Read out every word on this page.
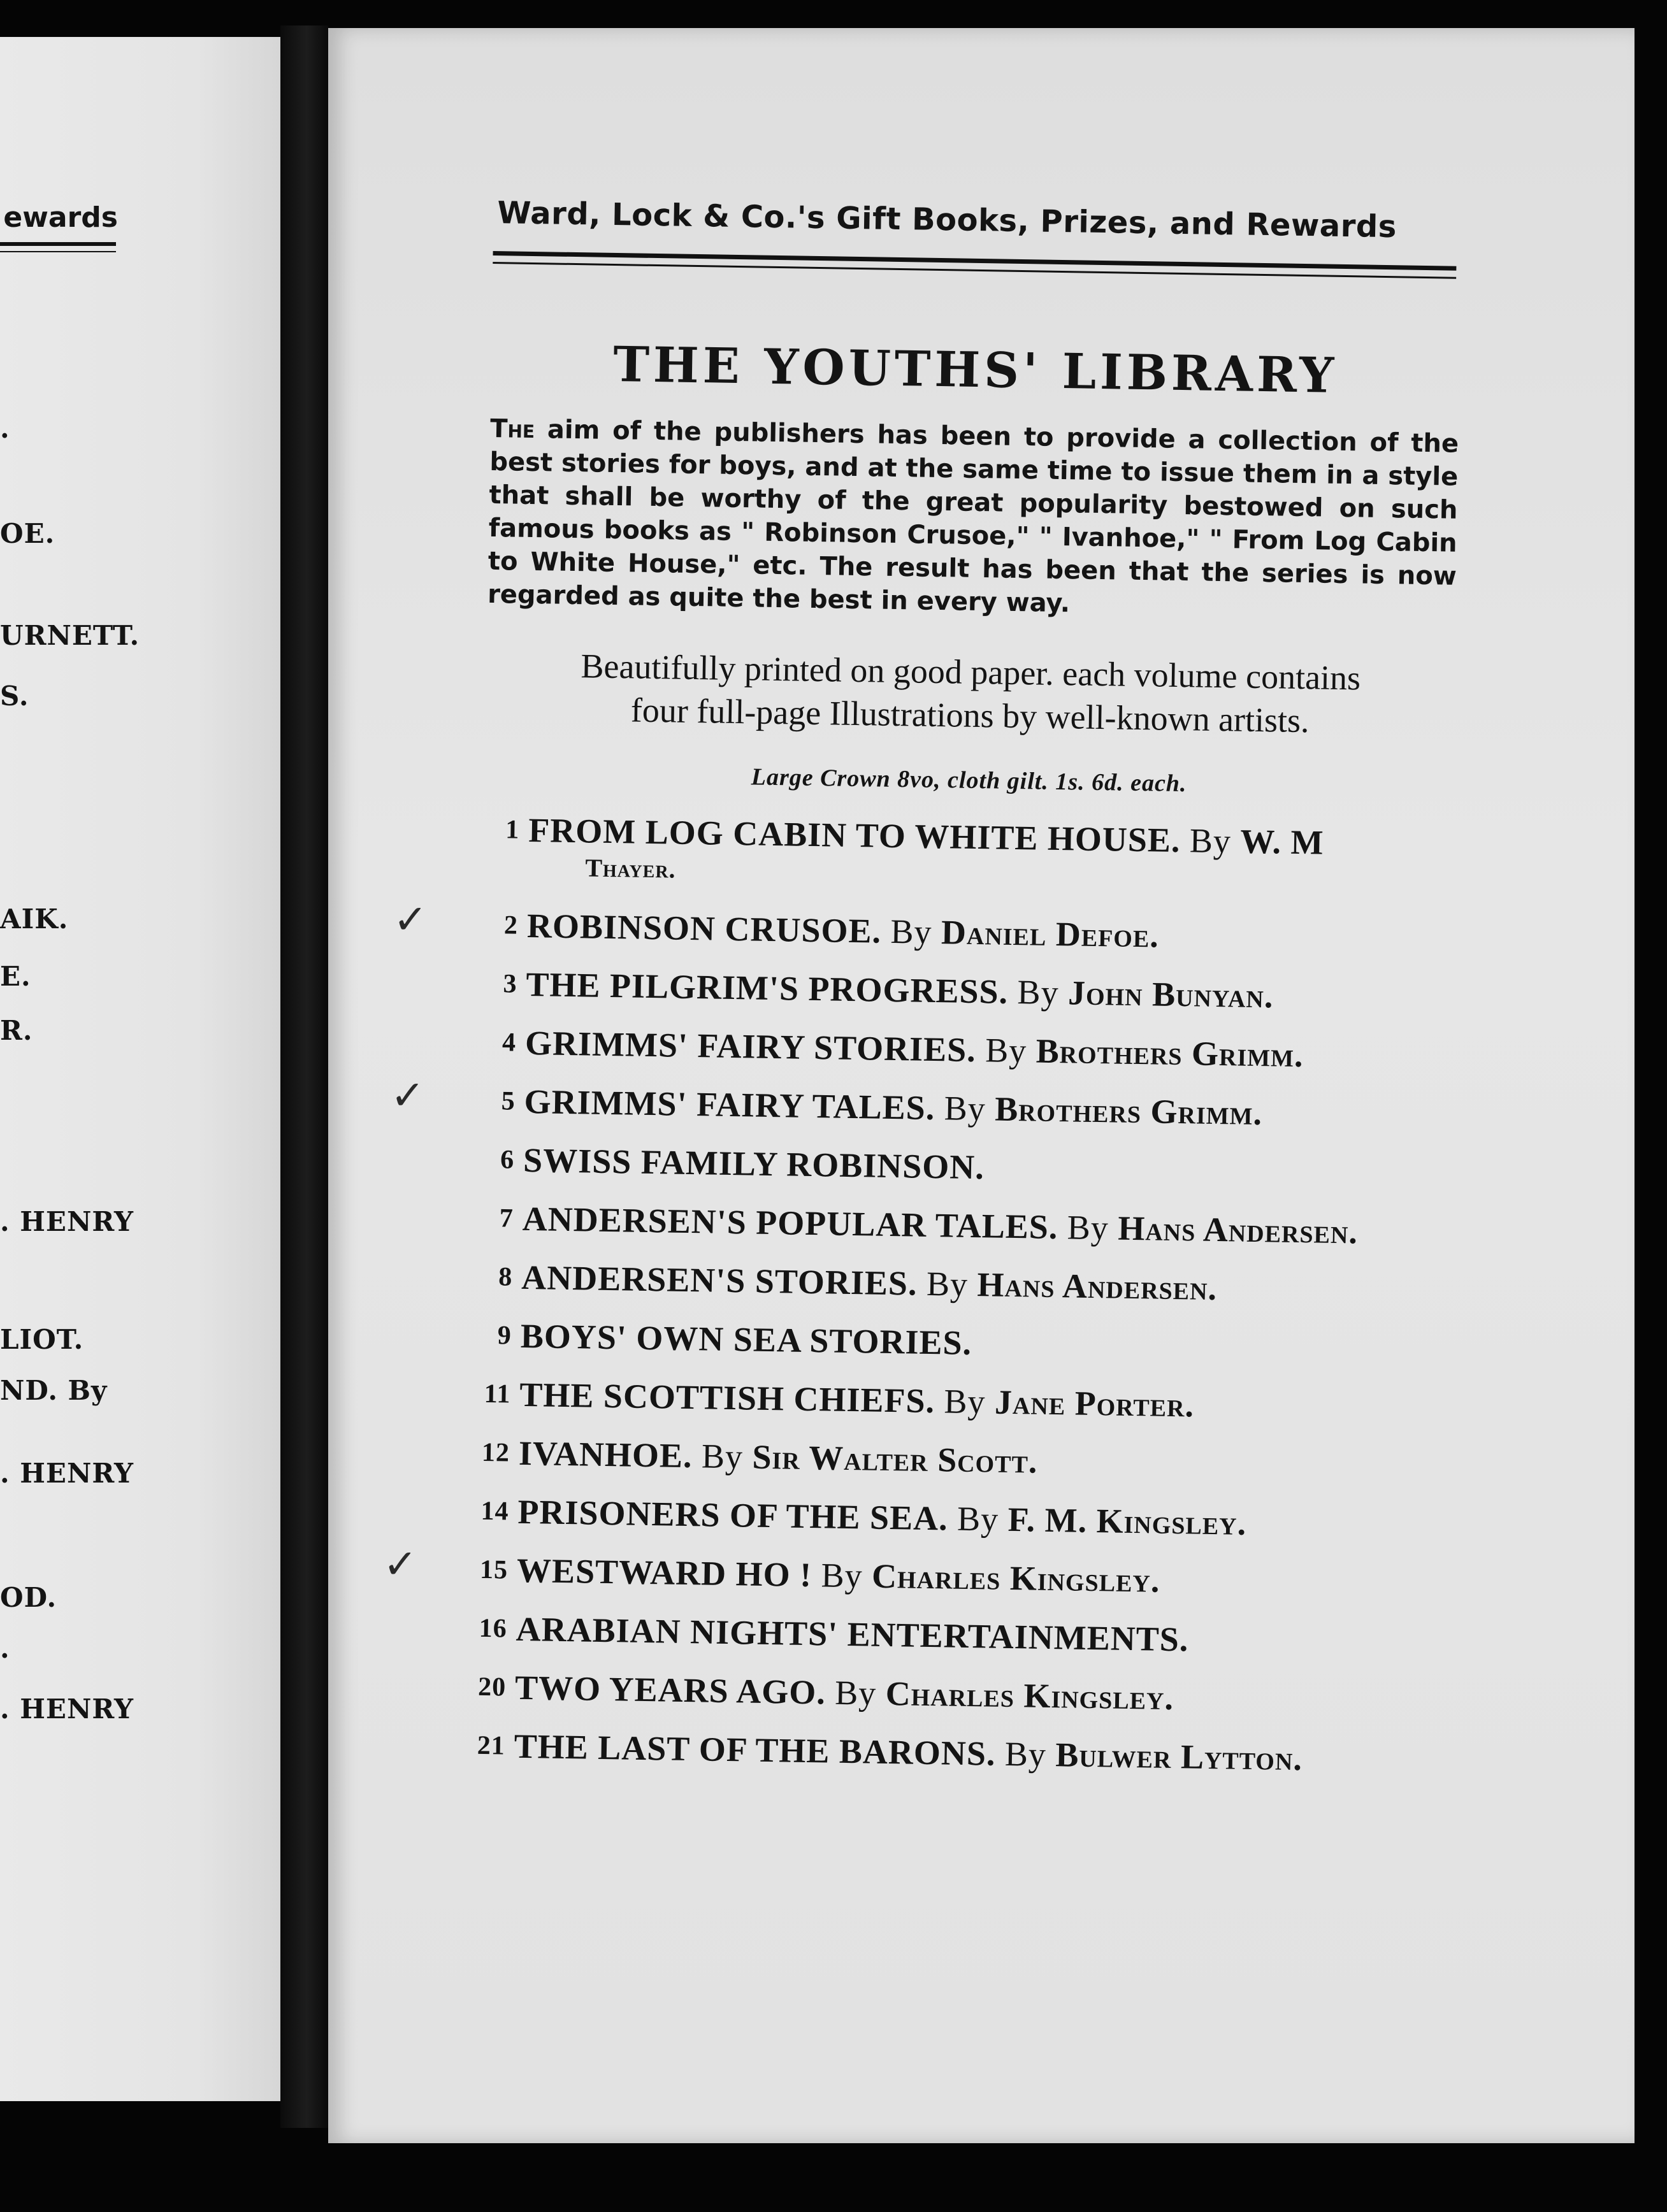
ewards
.
OE.
URNETT.
S.
AIK.
E.
R.
. HENRY
LIOT.
ND. By
. HENRY
OD.
.
. HENRY
Ward, Lock & Co.'s Gift Books, Prizes, and Rewards
THE YOUTHS' LIBRARY

The aim of the publishers has been to provide a collection of the best stories for boys, and at the same time to issue them in a style that shall be worthy of the great popularity bestowed on such famous books as " Robinson Crusoe," " Ivanhoe," " From Log Cabin to White House," etc. The result has been that the series is now regarded as quite the best in every way.

Beautifully printed on good paper. each volume contains
four full-page Illustrations by well-known artists.
Large Crown 8vo, cloth gilt. 1s. 6d. each.
1 FROM LOG CABIN TO WHITE HOUSE. By W. M
Thayer.
✓	2 ROBINSON CRUSOE. By Daniel Defoe.
3 THE PILGRIM'S PROGRESS. By John Bunyan.
4 GRIMMS' FAIRY STORIES. By Brothers Grimm.
✓	5 GRIMMS' FAIRY TALES. By Brothers Grimm.
6 SWISS FAMILY ROBINSON.
7 ANDERSEN'S POPULAR TALES. By Hans Andersen.
8 ANDERSEN'S STORIES. By Hans Andersen.
9 BOYS' OWN SEA STORIES.
11 THE SCOTTISH CHIEFS. By Jane Porter.
12 IVANHOE. By Sir Walter Scott.
14 PRISONERS OF THE SEA. By F. M. Kingsley.
✓ 15 WESTWARD HO ! By Charles Kingsley.
16 ARABIAN NIGHTS' ENTERTAINMENTS.
20 TWO YEARS AGO. By Charles Kingsley.
21 THE LAST OF THE BARONS. By Bulwer Lytton.
